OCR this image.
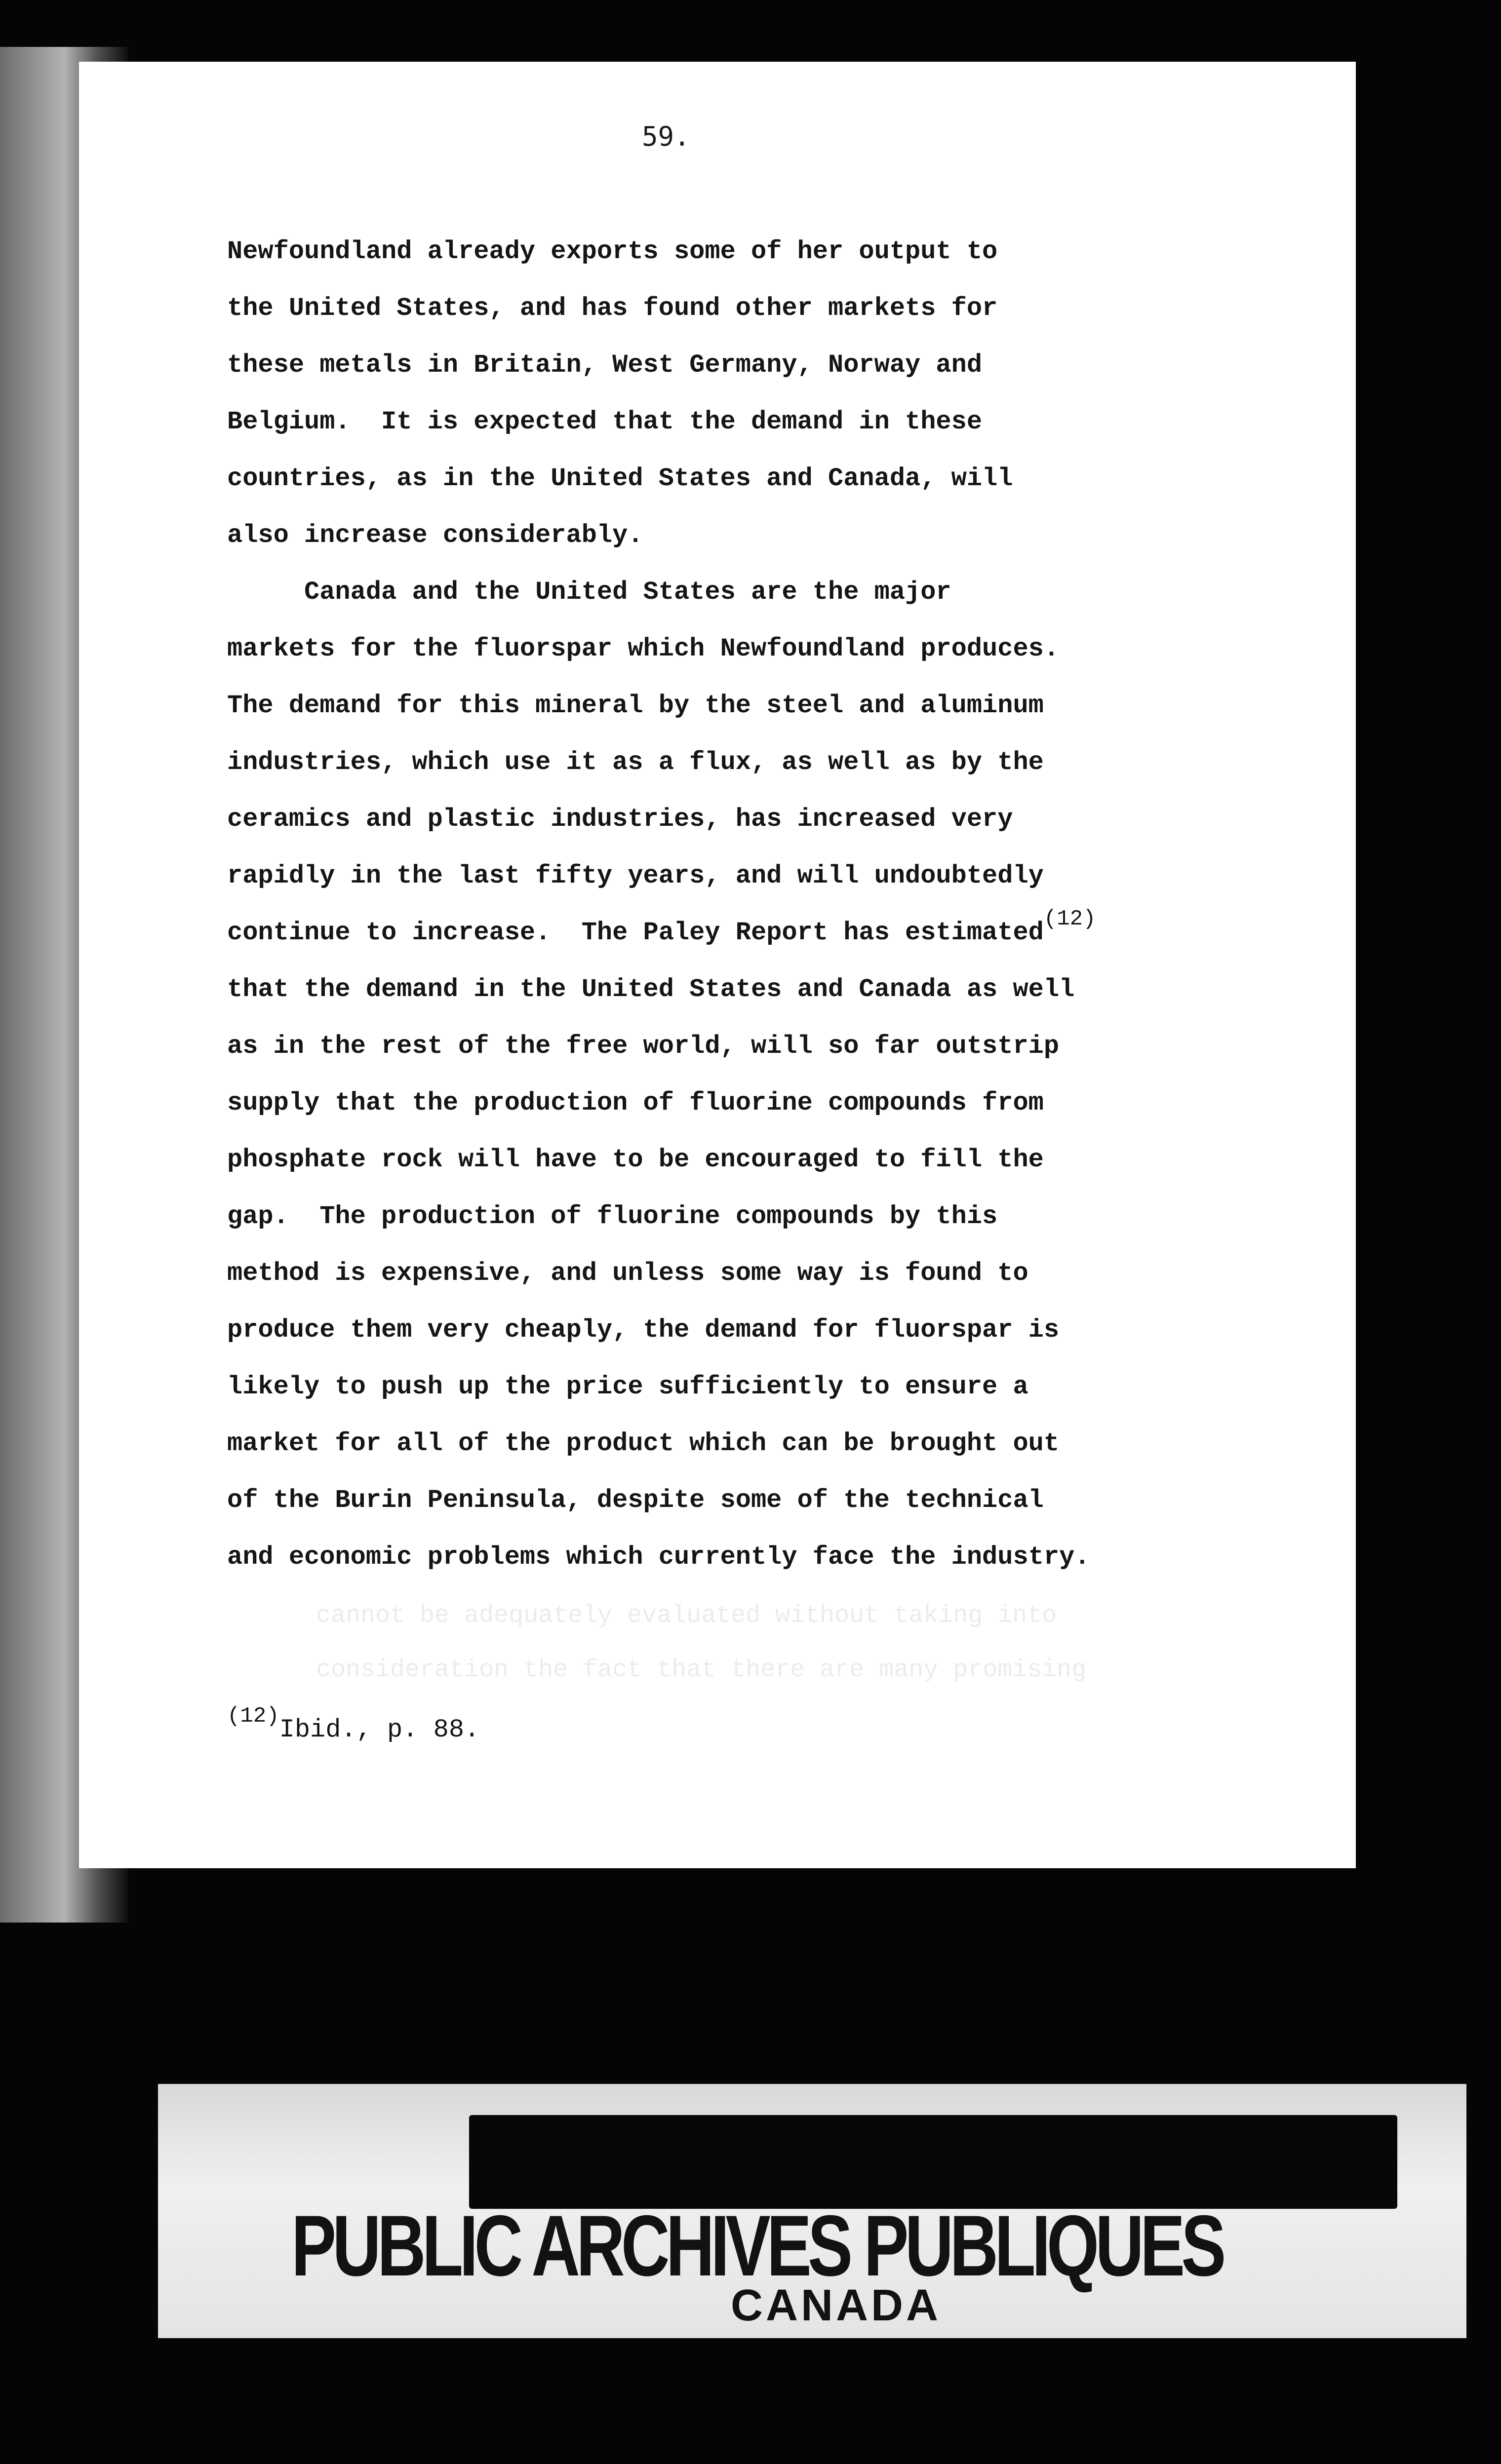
59.
Newfoundland already exports some of her output to
the United States, and has found other markets for
these metals in Britain, West Germany, Norway and
Belgium.  It is expected that the demand in these
countries, as in the United States and Canada, will
also increase considerably.
Canada and the United States are the major
markets for the fluorspar which Newfoundland produces.
The demand for this mineral by the steel and aluminum
industries, which use it as a flux, as well as by the
ceramics and plastic industries, has increased very
rapidly in the last fifty years, and will undoubtedly
continue to increase.  The Paley Report has estimated$^{(12)}$
that the demand in the United States and Canada as well
as in the rest of the free world, will so far outstrip
supply that the production of fluorine compounds from
phosphate rock will have to be encouraged to fill the
gap.  The production of fluorine compounds by this
method is expensive, and unless some way is found to
produce them very cheaply, the demand for fluorspar is
likely to push up the price sufficiently to ensure a
market for all of the product which can be brought out
of the Burin Peninsula, despite some of the technical
and economic problems which currently face the industry.
cannot be adequately evaluated without taking into
consideration the fact that there are many promising
$^{(12)}$Ibid., p. 88.
PUBLIC ARCHIVES PUBLIQUES
CANADA
